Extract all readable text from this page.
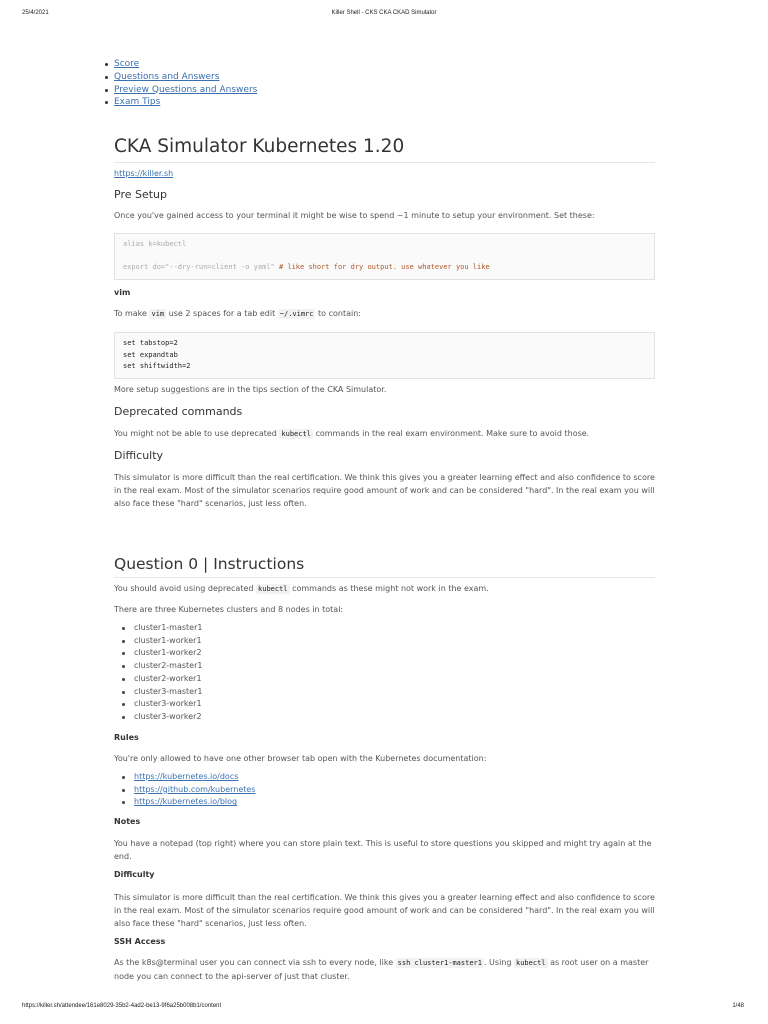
25/4/2021	Killer Shell - CKS CKA CKAD Simulator
Score
Questions and Answers
Preview Questions and Answers
Exam Tips
CKA Simulator Kubernetes 1.20
https://killer.sh
Pre Setup
Once you've gained access to your terminal it might be wise to spend ~1 minute to setup your environment. Set these:
alias k=kubectl

export do="--dry-run=client -o yaml" # like short for dry output. use whatever you like
vim
To make vim use 2 spaces for a tab edit ~/.vimrc to contain:
set tabstop=2
set expandtab
set shiftwidth=2
More setup suggestions are in the tips section of the CKA Simulator.
Deprecated commands
You might not be able to use deprecated kubectl commands in the real exam environment. Make sure to avoid those.
Difficulty
This simulator is more difficult than the real certification. We think this gives you a greater learning effect and also confidence to score in the real exam. Most of the simulator scenarios require good amount of work and can be considered "hard". In the real exam you will also face these "hard" scenarios, just less often.
Question 0 | Instructions
You should avoid using deprecated kubectl commands as these might not work in the exam.
There are three Kubernetes clusters and 8 nodes in total:
cluster1-master1
cluster1-worker1
cluster1-worker2
cluster2-master1
cluster2-worker1
cluster3-master1
cluster3-worker1
cluster3-worker2
Rules
You're only allowed to have one other browser tab open with the Kubernetes documentation:
https://kubernetes.io/docs
https://github.com/kubernetes
https://kubernetes.io/blog
Notes
You have a notepad (top right) where you can store plain text. This is useful to store questions you skipped and might try again at the end.
Difficulty
This simulator is more difficult than the real certification. We think this gives you a greater learning effect and also confidence to score in the real exam. Most of the simulator scenarios require good amount of work and can be considered "hard". In the real exam you will also face these "hard" scenarios, just less often.
SSH Access
As the k8s@terminal user you can connect via ssh to every node, like ssh cluster1-master1 . Using kubectl as root user on a master node you can connect to the api-server of just that cluster.
https://killer.sh/attendee/161e8029-35b2-4ad2-be13-9f6a25b008b1/content	1/48
